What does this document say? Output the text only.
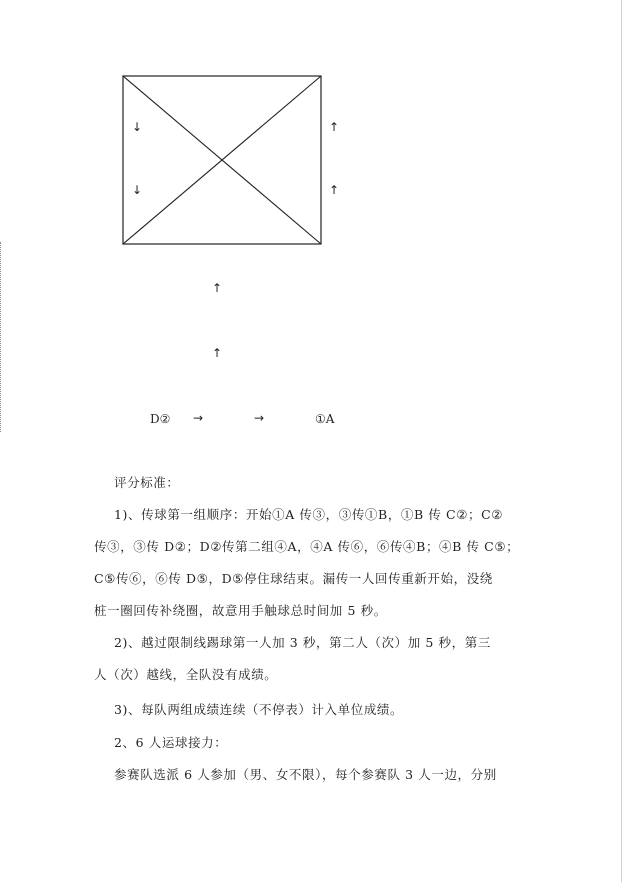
↓
↓
↑
↑
↑
↑
D② →	→	①A
评分标准：
1)、传球第一组顺序：开始①A 传③，③传①B，①B 传 C②；C②
传③，③传 D②；D②传第二组④A，④A 传⑥，⑥传④B；④B 传 C⑤；
C⑤传⑥，⑥传 D⑤，D⑤停住球结束。漏传一人回传重新开始，没绕
桩一圈回传补绕圈，故意用手触球总时间加 5 秒。
2)、越过限制线踢球第一人加 3 秒，第二人（次）加 5 秒，第三
人（次）越线，全队没有成绩。
3)、每队两组成绩连续（不停表）计入单位成绩。
2、6 人运球接力：
参赛队选派 6 人参加（男、女不限），每个参赛队 3 人一边，分别
